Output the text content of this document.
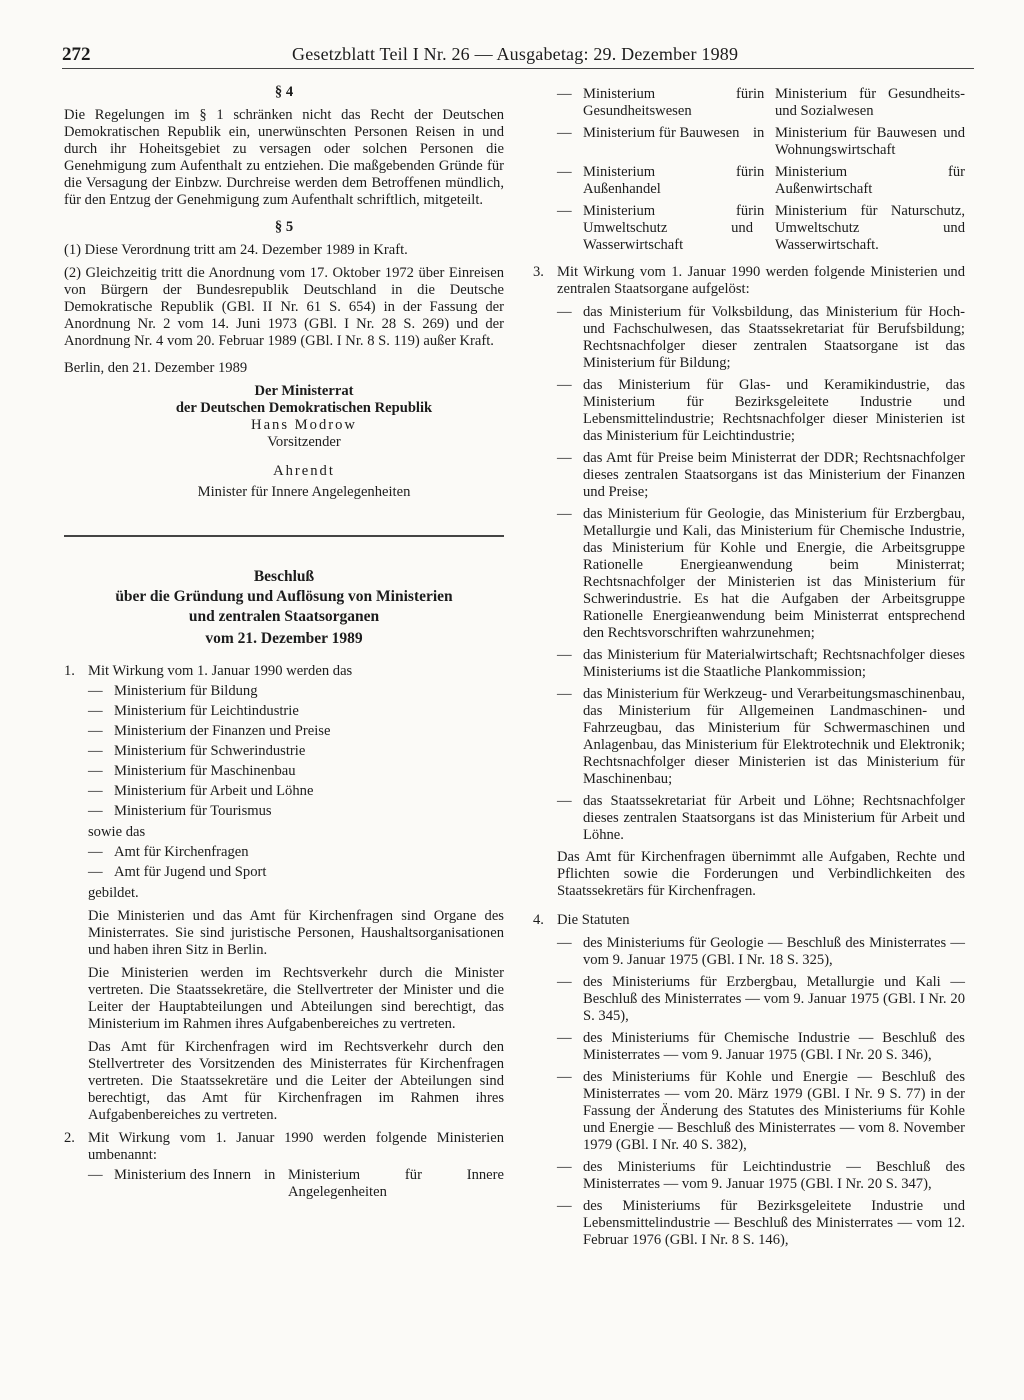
272	Gesetzblatt Teil I Nr. 26 — Ausgabetag: 29. Dezember 1989
§ 4

Die Regelungen im § 1 schränken nicht das Recht der Deutschen Demokratischen Republik ein, unerwünschten Personen Reisen in und durch ihr Hoheitsgebiet zu versagen oder solchen Personen die Genehmigung zum Aufenthalt zu entziehen. Die maßgebenden Gründe für die Versagung der Einbzw. Durchreise werden dem Betroffenen mündlich, für den Entzug der Genehmigung zum Aufenthalt schriftlich, mitgeteilt.

§ 5

(1) Diese Verordnung tritt am 24. Dezember 1989 in Kraft.

(2) Gleichzeitig tritt die Anordnung vom 17. Oktober 1972 über Einreisen von Bürgern der Bundesrepublik Deutschland in die Deutsche Demokratische Republik (GBl. II Nr. 61 S. 654) in der Fassung der Anordnung Nr. 2 vom 14. Juni 1973 (GBl. I Nr. 28 S. 269) und der Anordnung Nr. 4 vom 20. Februar 1989 (GBl. I Nr. 8 S. 119) außer Kraft.

Berlin, den 21. Dezember 1989

Der Ministerrat
der Deutschen Demokratischen Republik
Hans Modrow
Vorsitzender
Ahrendt
Minister für Innere Angelegenheiten
Beschluß
über die Gründung und Auflösung von Ministerien
und zentralen Staatsorganen
vom 21. Dezember 1989
1. Mit Wirkung vom 1. Januar 1990 werden das

— Ministerium für Bildung
— Ministerium für Leichtindustrie
— Ministerium der Finanzen und Preise
— Ministerium für Schwerindustrie
— Ministerium für Maschinenbau
— Ministerium für Arbeit und Löhne
— Ministerium für Tourismus

sowie das

— Amt für Kirchenfragen
— Amt für Jugend und Sport

gebildet.

Die Ministerien und das Amt für Kirchenfragen sind Organe des Ministerrates. Sie sind juristische Personen, Haushaltsorganisationen und haben ihren Sitz in Berlin.

Die Ministerien werden im Rechtsverkehr durch die Minister vertreten. Die Staatssekretäre, die Stellvertreter der Minister und die Leiter der Hauptabteilungen und Abteilungen sind berechtigt, das Ministerium im Rahmen ihres Aufgabenbereiches zu vertreten.

Das Amt für Kirchenfragen wird im Rechtsverkehr durch den Stellvertreter des Vorsitzenden des Ministerrates für Kirchenfragen vertreten. Die Staatssekretäre und die Leiter der Abteilungen sind berechtigt, das Amt für Kirchenfragen im Rahmen ihres Aufgabenbereiches zu vertreten.

2. Mit Wirkung vom 1. Januar 1990 werden folgende Ministerien umbenannt:

— Ministerium des Innern in Ministerium für Innere Angelegenheiten
— Ministerium für Gesundheitswesen
in Ministerium für Gesundheits- und Sozialwesen
— Ministerium für Bauwesen in Ministerium für Bauwesen und Wohnungswirtschaft
— Ministerium für Außenhandel
in Ministerium für Außenwirtschaft
— Ministerium für Umweltschutz und Wasserwirtschaft
in Ministerium für Naturschutz, Umweltschutz und Wasserwirtschaft.
3. Mit Wirkung vom 1. Januar 1990 werden folgende Ministerien und zentralen Staatsorgane aufgelöst:

— das Ministerium für Volksbildung, das Ministerium für Hoch- und Fachschulwesen, das Staatssekretariat für Berufsbildung; Rechtsnachfolger dieser zentralen Staatsorgane ist das Ministerium für Bildung;
— das Ministerium für Glas- und Keramikindustrie, das Ministerium für Bezirksgeleitete Industrie und Lebensmittelindustrie; Rechtsnachfolger dieser Ministerien ist das Ministerium für Leichtindustrie;
— das Amt für Preise beim Ministerrat der DDR; Rechtsnachfolger dieses zentralen Staatsorgans ist das Ministerium der Finanzen und Preise;
— das Ministerium für Geologie, das Ministerium für Erzbergbau, Metallurgie und Kali, das Ministerium für Chemische Industrie, das Ministerium für Kohle und Energie, die Arbeitsgruppe Rationelle Energieanwendung beim Ministerrat; Rechtsnachfolger der Ministerien ist das Ministerium für Schwerindustrie. Es hat die Aufgaben der Arbeitsgruppe Rationelle Energieanwendung beim Ministerrat entsprechend den Rechtsvorschriften wahrzunehmen;
— das Ministerium für Materialwirtschaft; Rechtsnachfolger dieses Ministeriums ist die Staatliche Plankommission;
— das Ministerium für Werkzeug- und Verarbeitungsmaschinenbau, das Ministerium für Allgemeinen Landmaschinen- und Fahrzeugbau, das Ministerium für Schwermaschinen und Anlagenbau, das Ministerium für Elektrotechnik und Elektronik; Rechtsnachfolger dieser Ministerien ist das Ministerium für Maschinenbau;
— das Staatssekretariat für Arbeit und Löhne; Rechtsnachfolger dieses zentralen Staatsorgans ist das Ministerium für Arbeit und Löhne.

Das Amt für Kirchenfragen übernimmt alle Aufgaben, Rechte und Pflichten sowie die Forderungen und Verbindlichkeiten des Staatssekretärs für Kirchenfragen.

4. Die Statuten

— des Ministeriums für Geologie — Beschluß des Ministerrates — vom 9. Januar 1975 (GBl. I Nr. 18 S. 325),
— des Ministeriums für Erzbergbau, Metallurgie und Kali — Beschluß des Ministerrates — vom 9. Januar 1975 (GBl. I Nr. 20 S. 345),
— des Ministeriums für Chemische Industrie — Beschluß des Ministerrates — vom 9. Januar 1975 (GBl. I Nr. 20 S. 346),
— des Ministeriums für Kohle und Energie — Beschluß des Ministerrates — vom 20. März 1979 (GBl. I Nr. 9 S. 77) in der Fassung der Änderung des Statutes des Ministeriums für Kohle und Energie — Beschluß des Ministerrates — vom 8. November 1979 (GBl. I Nr. 40 S. 382),
— des Ministeriums für Leichtindustrie — Beschluß des Ministerrates — vom 9. Januar 1975 (GBl. I Nr. 20 S. 347),
— des Ministeriums für Bezirksgeleitete Industrie und Lebensmittelindustrie — Beschluß des Ministerrates — vom 12. Februar 1976 (GBl. I Nr. 8 S. 146),
